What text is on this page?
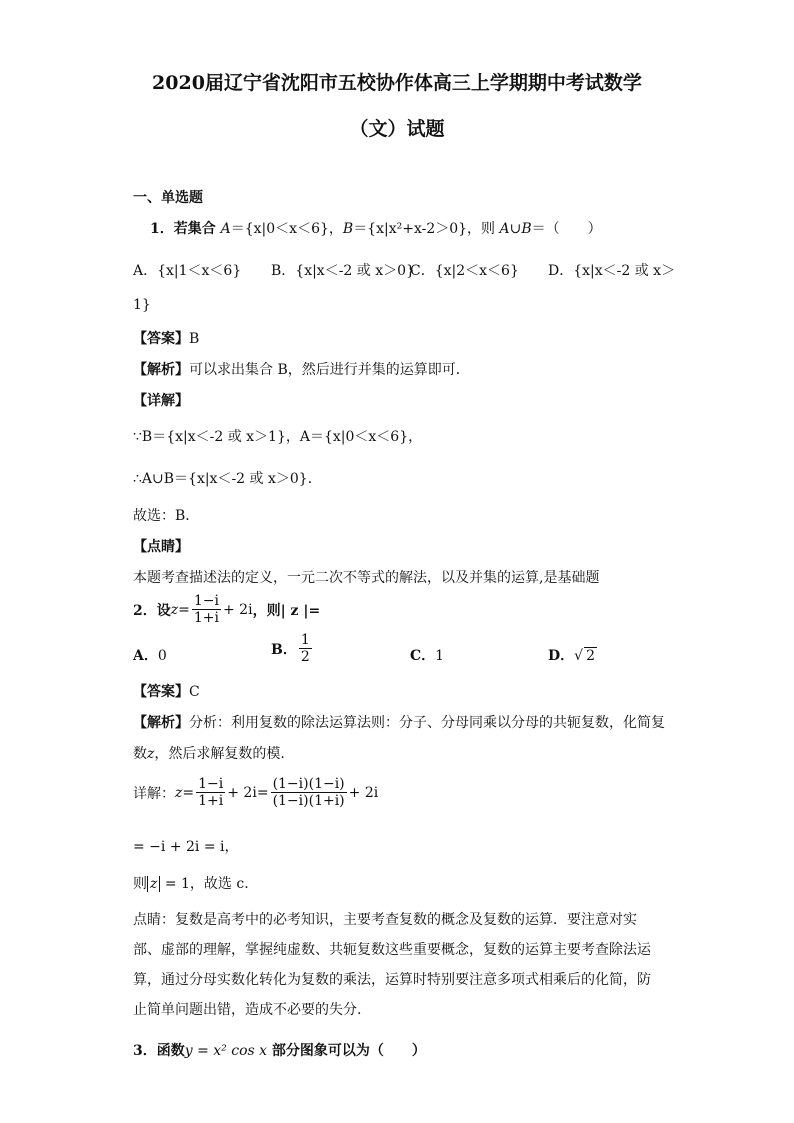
2020届辽宁省沈阳市五校协作体高三上学期期中考试数学
（文）试题
一、单选题
1．若集合 A＝{x|0＜x＜6}，B＝{x|x²+x-2＞0}，则 A∪B＝（　　）
A．{x|1＜x＜6} B．{x|x＜-2 或 x＞0}
C．{x|2＜x＜6} D．{x|x＜-2 或 x＞
1}
【答案】B
【解析】可以求出集合 B，然后进行并集的运算即可．
【详解】
∵B＝{x|x＜-2 或 x＞1}，A＝{x|0＜x＜6}，
∴A∪B＝{x|x＜-2 或 x＞0}．
故选：B．
【点睛】
本题考查描述法的定义，一元二次不等式的解法，以及并集的运算,是基础题
2． 设 $z = \frac{1-i}{1+i} + 2i$ ，则| z |=
A．0	B． $\frac{1}{2}$	C．1	D．√ 2
【答案】C
【解析】分析：利用复数的除法运算法则：分子、分母同乘以分母的共轭复数，化简复
数z，然后求解复数的模.
详解： $z = \frac{1-i}{1+i} + 2i = \frac{(1-i)(1-i)}{(1-i)(1+i)} + 2i$
= −i + 2i = i，
则 z = 1，故选 c.
点睛：复数是高考中的必考知识，主要考查复数的概念及复数的运算．要注意对实部、虚部的理解，掌握纯虚数、共轭复数这些重要概念，复数的运算主要考查除法运算，通过分母实数化转化为复数的乘法，运算时特别要注意多项式相乘后的化简，防止简单问题出错，造成不必要的失分.
3．函数y = x² cos x 部分图象可以为（　　）
